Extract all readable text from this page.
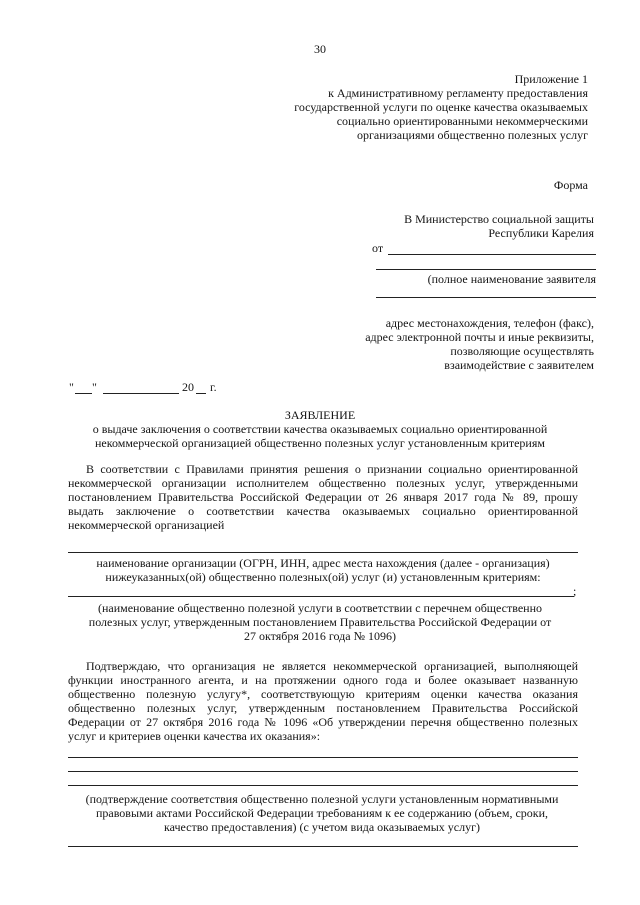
30
Приложение 1
к Административному регламенту предоставления
государственной услуги по оценке качества оказываемых
социально ориентированными некоммерческими
организациями общественно полезных услуг
Форма
В Министерство социальной защиты
Республики Карелия
от
(полное наименование заявителя
адрес местонахождения, телефон (факс),
адрес электронной почты и иные реквизиты,
позволяющие осуществлять
взаимодействие с заявителем
" "	20 г.
ЗАЯВЛЕНИЕ
о выдаче заключения о соответствии качества оказываемых социально ориентированной
некоммерческой организацией общественно полезных услуг установленным критериям
В соответствии с Правилами принятия решения о признании социально ориентированной
некоммерческой организации исполнителем общественно полезных услуг, утвержденными
постановлением Правительства Российской Федерации от 26 января 2017 года № 89, прошу
выдать заключение о соответствии качества оказываемых социально ориентированной
некоммерческой организацией
наименование организации (ОГРН, ИНН, адрес места нахождения (далее - организация)
нижеуказанных(ой) общественно полезных(ой) услуг (и) установленным критериям:
;
(наименование общественно полезной услуги в соответствии с перечнем общественно
полезных услуг, утвержденным постановлением Правительства Российской Федерации от
27 октября 2016 года № 1096)
Подтверждаю, что организация не является некоммерческой организацией, выполняющей
функции иностранного агента, и на протяжении одного года и более оказывает названную
общественно полезную услугу*, соответствующую критериям оценки качества оказания
общественно полезных услуг, утвержденным постановлением Правительства Российской
Федерации от 27 октября 2016 года № 1096 «Об утверждении перечня общественно полезных
услуг и критериев оценки качества их оказания»:
(подтверждение соответствия общественно полезной услуги установленным нормативными
правовыми актами Российской Федерации требованиям к ее содержанию (объем, сроки,
качество предоставления) (с учетом вида оказываемых услуг)
